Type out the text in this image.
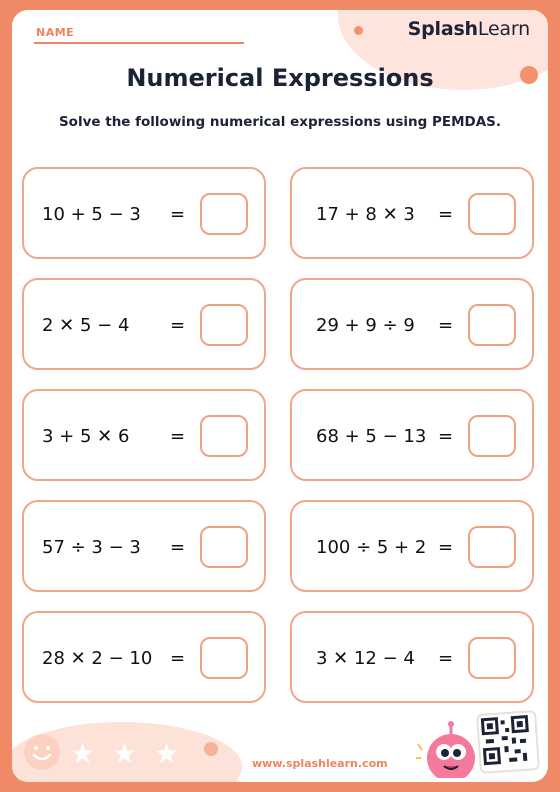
NAME	SplashLearn
Numerical Expressions
Solve the following numerical expressions using PEMDAS.
★ ★ ★	www.splashlearn.com
10 + 5 − 3 =	17 + 8 ✕ 3 =
2 ✕ 5 − 4 =	29 + 9 ÷ 9 =
3 + 5 ✕ 6 =	68 + 5 − 13 =
57 ÷ 3 − 3 =	100 ÷ 5 + 2 =
28 ✕ 2 − 10 =	3 ✕ 12 − 4 =
